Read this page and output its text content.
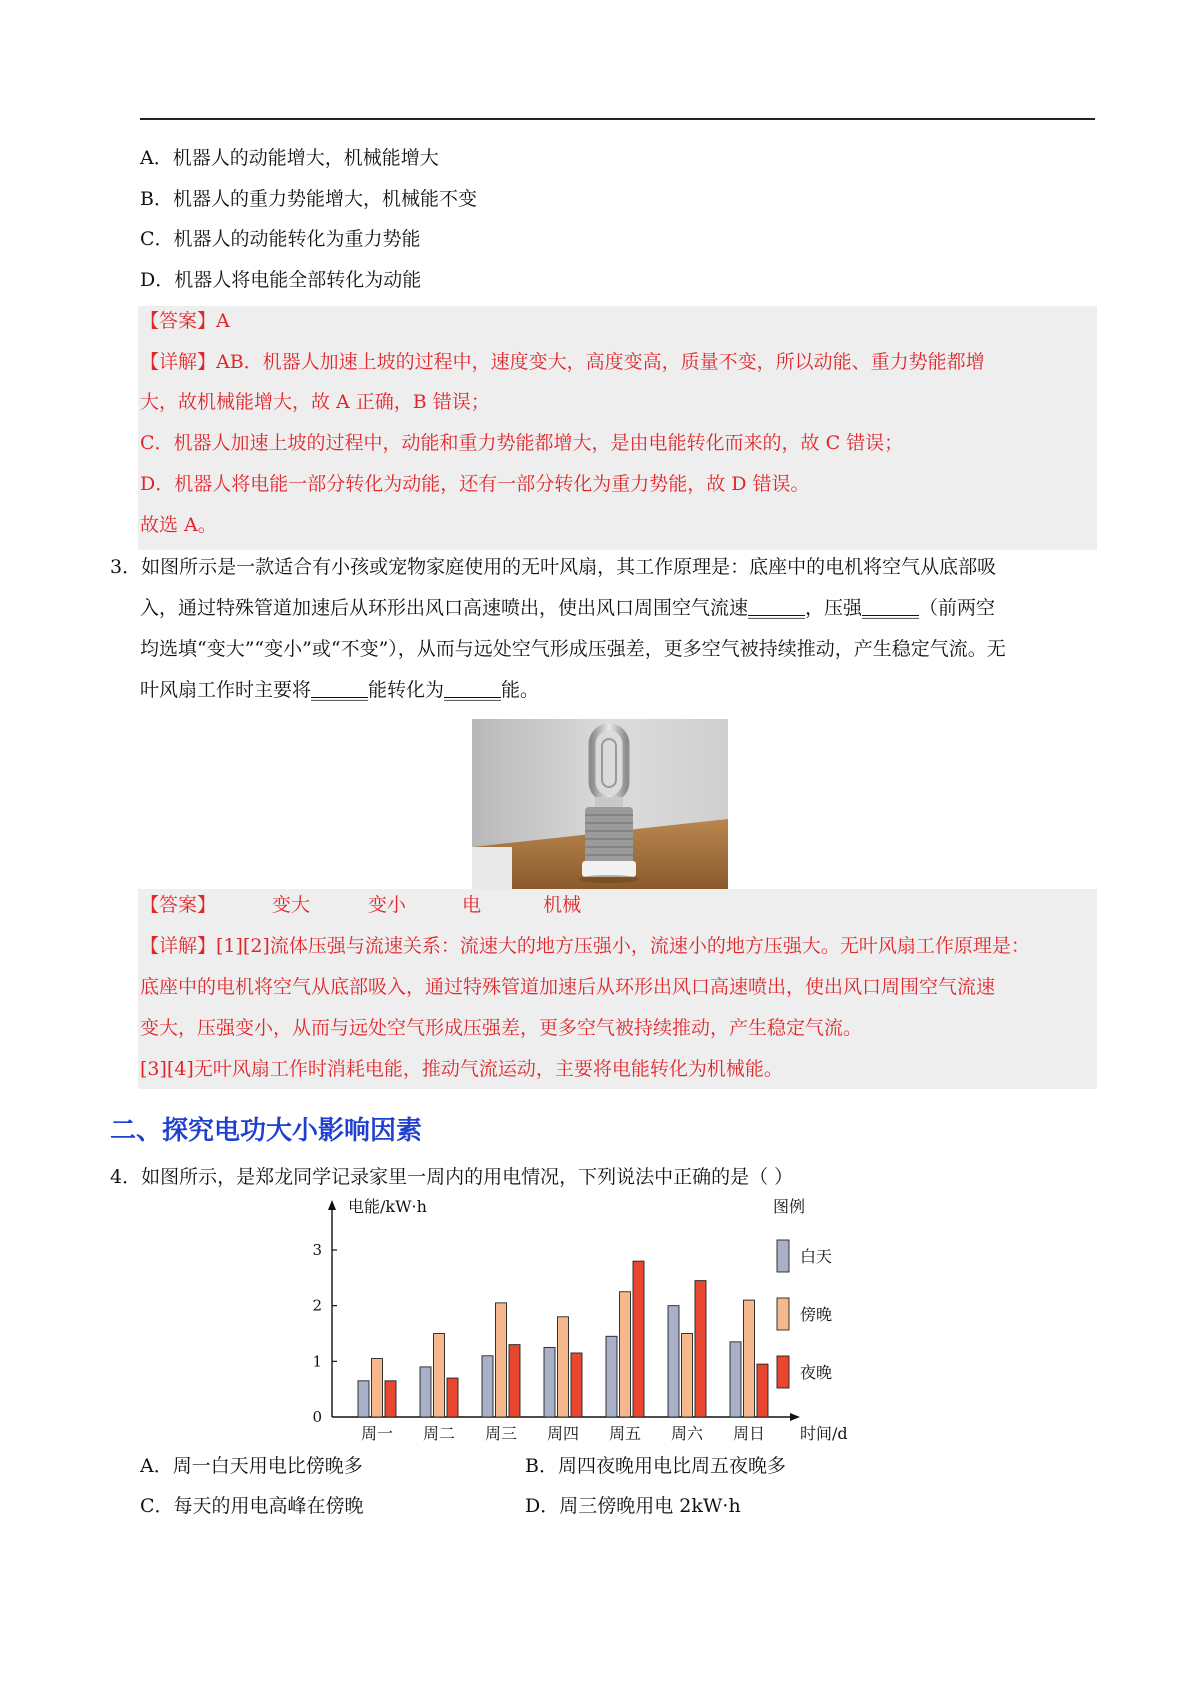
A．机器人的动能增大，机械能增大
B．机器人的重力势能增大，机械能不变
C．机器人的动能转化为重力势能
D．机器人将电能全部转化为动能
【答案】A
【详解】AB．机器人加速上坡的过程中，速度变大，高度变高，质量不变，所以动能、重力势能都增
大，故机械能增大，故 A 正确，B 错误；
C．机器人加速上坡的过程中，动能和重力势能都增大，是由电能转化而来的，故 C 错误；
D．机器人将电能一部分转化为动能，还有一部分转化为重力势能，故 D 错误。
故选 A。
3．如图所示是一款适合有小孩或宠物家庭使用的无叶风扇，其工作原理是：底座中的电机将空气从底部吸
入，通过特殊管道加速后从环形出风口高速喷出，使出风口周围空气流速______，压强______（前两空
均选填“变大”“变小”或“不变”），从而与远处空气形成压强差，更多空气被持续推动，产生稳定气流。无
叶风扇工作时主要将______能转化为______能。
【答案】	变大	变小	电	机械
【详解】[1][2]流体压强与流速关系：流速大的地方压强小，流速小的地方压强大。无叶风扇工作原理是：
底座中的电机将空气从底部吸入，通过特殊管道加速后从环形出风口高速喷出，使出风口周围空气流速
变大，压强变小，从而与远处空气形成压强差，更多空气被持续推动，产生稳定气流。
[3][4]无叶风扇工作时消耗电能，推动气流运动，主要将电能转化为机械能。
二、探究电功大小影响因素
4．如图所示，是郑龙同学记录家里一周内的用电情况，下列说法中正确的是（ ）
0
1
2
3
电能/kW·h
时间/d
周一 周二 周三 周四 周五 周六 周日
图例
白天
傍晚
夜晚
A．周一白天用电比傍晚多	B．周四夜晚用电比周五夜晚多
C．每天的用电高峰在傍晚	D．周三傍晚用电 2kW·h
